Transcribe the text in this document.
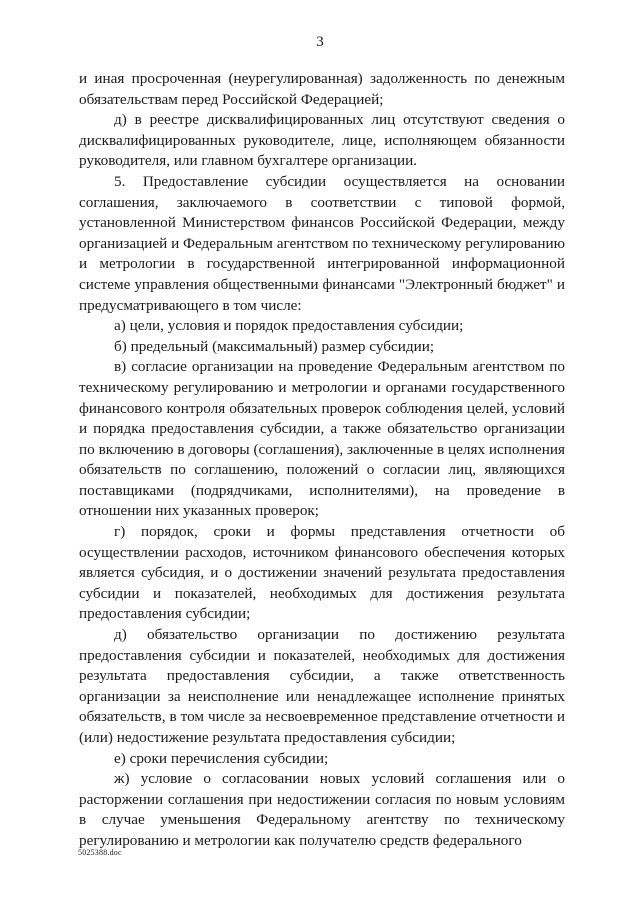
3

и иная просроченная (неурегулированная) задолженность по денежным обязательствам перед Российской Федерацией;

д) в реестре дисквалифицированных лиц отсутствуют сведения о дисквалифицированных руководителе, лице, исполняющем обязанности руководителя, или главном бухгалтере организации.

5. Предоставление субсидии осуществляется на основании соглашения, заключаемого в соответствии с типовой формой, установленной Министерством финансов Российской Федерации, между организацией и Федеральным агентством по техническому регулированию и метрологии в государственной интегрированной информационной системе управления общественными финансами "Электронный бюджет" и предусматривающего в том числе:

а) цели, условия и порядок предоставления субсидии;

б) предельный (максимальный) размер субсидии;

в) согласие организации на проведение Федеральным агентством по техническому регулированию и метрологии и органами государственного финансового контроля обязательных проверок соблюдения целей, условий и порядка предоставления субсидии, а также обязательство организации по включению в договоры (соглашения), заключенные в целях исполнения обязательств по соглашению, положений о согласии лиц, являющихся поставщиками (подрядчиками, исполнителями), на проведение в отношении них указанных проверок;

г) порядок, сроки и формы представления отчетности об осуществлении расходов, источником финансового обеспечения которых является субсидия, и о достижении значений результата предоставления субсидии и показателей, необходимых для достижения результата предоставления субсидии;

д) обязательство организации по достижению результата предоставления субсидии и показателей, необходимых для достижения результата предоставления субсидии, а также ответственность организации за неисполнение или ненадлежащее исполнение принятых обязательств, в том числе за несвоевременное представление отчетности и (или) недостижение результата предоставления субсидии;

е) сроки перечисления субсидии;

ж) условие о согласовании новых условий соглашения или о расторжении соглашения при недостижении согласия по новым условиям в случае уменьшения Федеральному агентству по техническому регулированию и метрологии как получателю средств федерального

5025388.doc
